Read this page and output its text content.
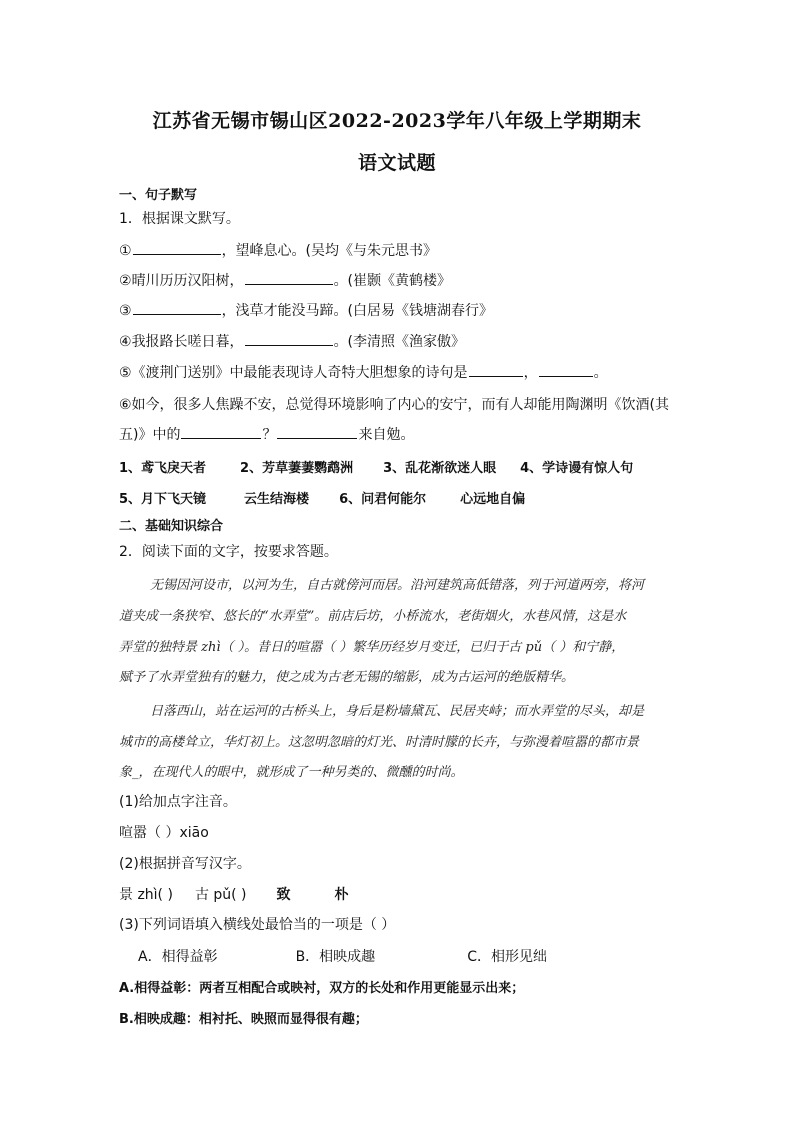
江苏省无锡市锡山区2022-2023学年八年级上学期期末
语文试题
一、句子默写
1．根据课文默写。
①	，望峰息心。(吴均《与朱元思书》
②晴川历历汉阳树，	。(崔颢《黄鹤楼》
③	，浅草才能没马蹄。(白居易《钱塘湖春行》
④我报路长嗟日暮，	。(李清照《渔家傲》
⑤《渡荆门送别》中最能表现诗人奇特大胆想象的诗句是	，	。
⑥如今，很多人焦躁不安，总觉得环境影响了内心的安宁，而有人却能用陶渊明《饮酒(其
五)》中的	？	来自勉。
1、鸢飞戾天者	2、芳草萋萋鹦鹉洲 3、乱花渐欲迷人眼 4、学诗谩有惊人句
5、月下飞天镜	云生结海楼 6、问君何能尔	心远地自偏
二、基础知识综合
2．阅读下面的文字，按要求答题。
无锡因河设市，以河为生，自古就傍河而居。沿河建筑高低错落，列于河道两旁，将河
道夹成一条狭窄、悠长的“水弄堂”。前店后坊，小桥流水，老街烟火，水巷风情，这是水
弄堂的独特景 zhì（ ）。昔日的喧嚣（ ）繁华历经岁月变迁，已归于古 pǔ（ ）和宁静，
赋予了水弄堂独有的魅力，使之成为古老无锡的缩影，成为古运河的绝版精华。
日落西山，站在运河的古桥头上，身后是粉墙黛瓦、民居夹峙；而水弄堂的尽头，却是
城市的高楼耸立，华灯初上。这忽明忽暗的灯光、时清时朦的长卉，与弥漫着喧嚣的都市景
象_，在现代人的眼中，就形成了一种另类的、微醺的时尚。
(1)给加点字注音。
喧嚣（ ）xiāo
(2)根据拼音写汉字。
景 zhì( ) 古 pǔ( ) 致	朴
(3)下列词语填入横线处最恰当的一项是（ ）
A．相得益彰	B．相映成趣	C．相形见绌
A.相得益彰：两者互相配合或映衬，双方的长处和作用更能显示出来；
B.相映成趣：相衬托、映照而显得很有趣；
